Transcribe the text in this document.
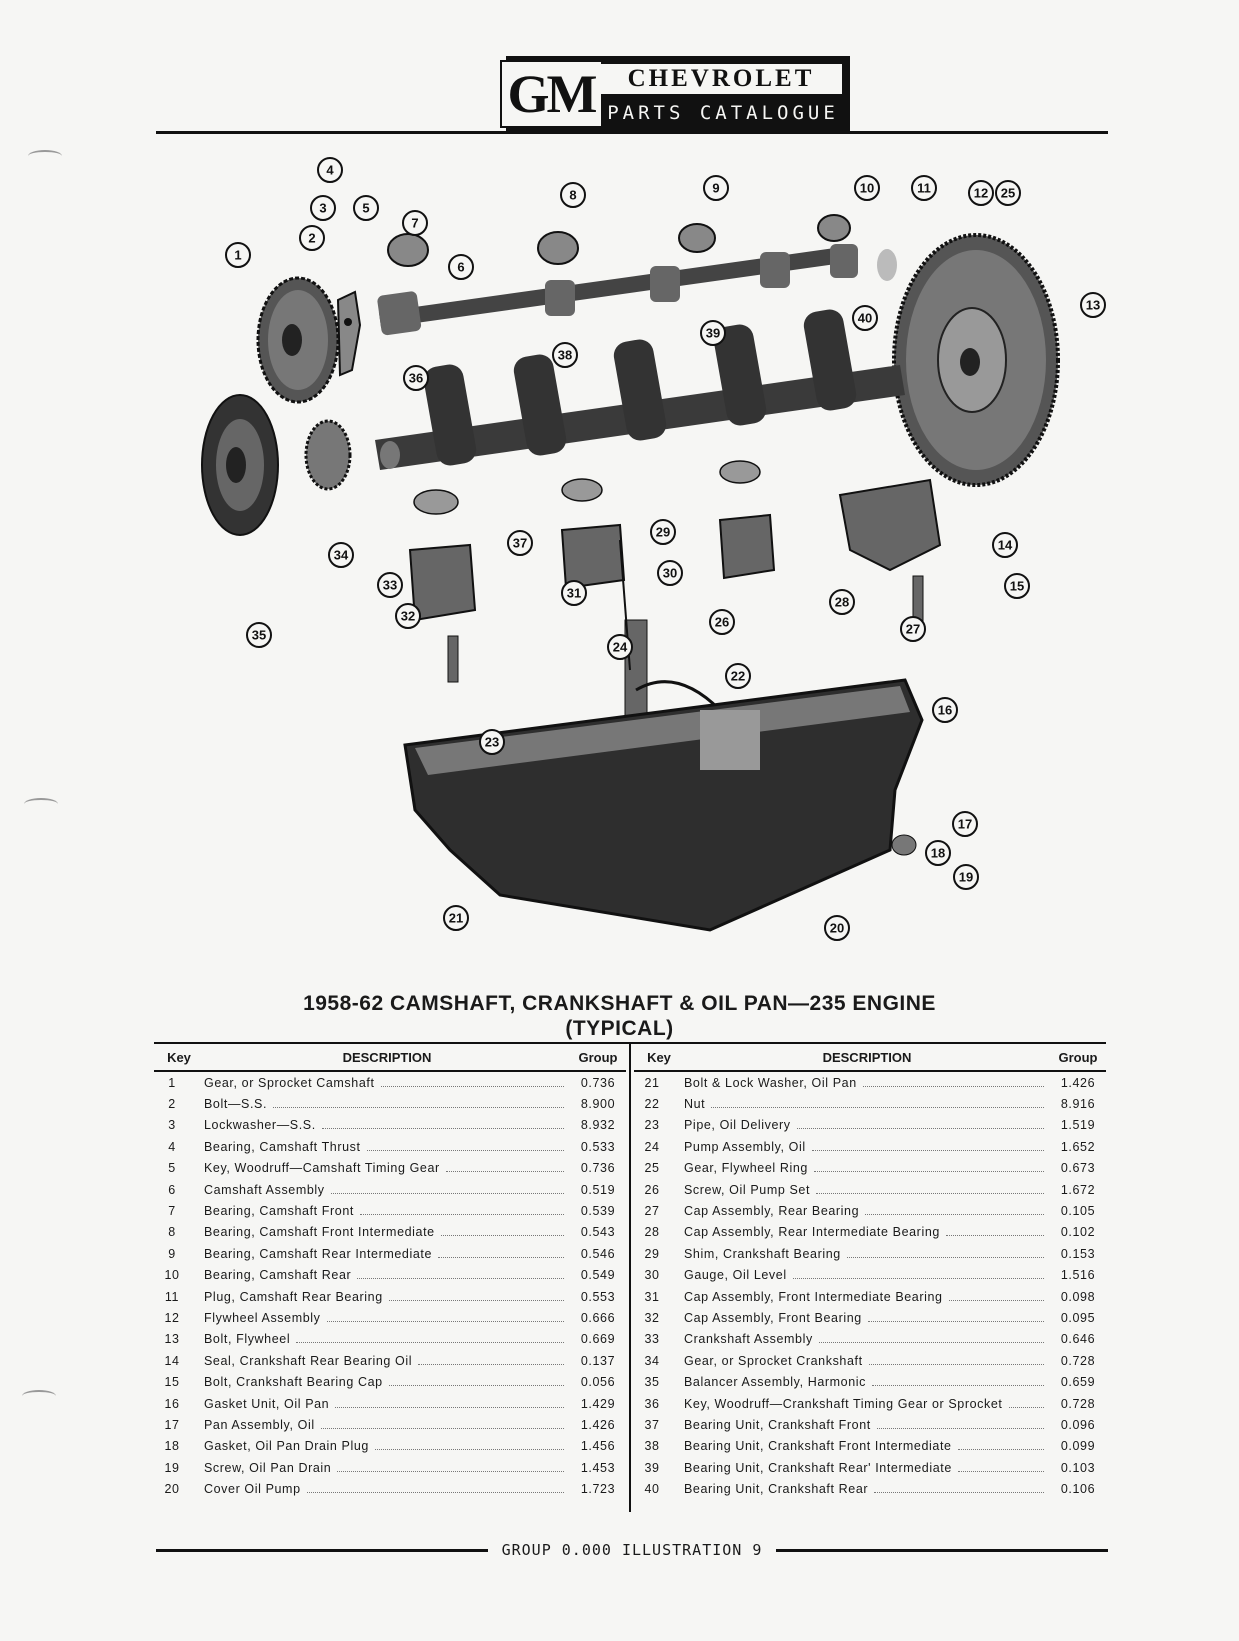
GM	CHEVROLET
PARTS CATALOGUE
1
2
3
4
5
6
7
8	9	10	11	12 25
13
40
39
38
36
37
33
34
35
29
30
31
32
28
27
14
15
26
24
22
16
23
17
18
19
20
21
1958-62 CAMSHAFT, CRANKSHAFT & OIL PAN—235 ENGINE
(TYPICAL)
Key	DESCRIPTION	Group
1	Gear, or Sprocket Camshaft	0.736
2	Bolt—S.S.	8.900
3	Lockwasher—S.S.	8.932
4	Bearing, Camshaft Thrust	0.533
5	Key, Woodruff—Camshaft Timing Gear	0.736
6	Camshaft Assembly	0.519
7	Bearing, Camshaft Front	0.539
8	Bearing, Camshaft Front Intermediate	0.543
9	Bearing, Camshaft Rear Intermediate	0.546
10	Bearing, Camshaft Rear	0.549
11	Plug, Camshaft Rear Bearing	0.553
12	Flywheel Assembly	0.666
13	Bolt, Flywheel	0.669
14	Seal, Crankshaft Rear Bearing Oil	0.137
15	Bolt, Crankshaft Bearing Cap	0.056
16	Gasket Unit, Oil Pan	1.429
17	Pan Assembly, Oil	1.426
18	Gasket, Oil Pan Drain Plug	1.456
19	Screw, Oil Pan Drain	1.453
20	Cover Oil Pump	1.723
Key	DESCRIPTION	Group
21	Bolt & Lock Washer, Oil Pan	1.426
22	Nut	8.916
23	Pipe, Oil Delivery	1.519
24	Pump Assembly, Oil	1.652
25	Gear, Flywheel Ring	0.673
26	Screw, Oil Pump Set	1.672
27	Cap Assembly, Rear Bearing	0.105
28	Cap Assembly, Rear Intermediate Bearing	0.102
29	Shim, Crankshaft Bearing	0.153
30	Gauge, Oil Level	1.516
31	Cap Assembly, Front Intermediate Bearing	0.098
32	Cap Assembly, Front Bearing	0.095
33	Crankshaft Assembly	0.646
34	Gear, or Sprocket Crankshaft	0.728
35	Balancer Assembly, Harmonic	0.659
36	Key, Woodruff—Crankshaft Timing Gear or Sprocket	0.728
37	Bearing Unit, Crankshaft Front	0.096
38	Bearing Unit, Crankshaft Front Intermediate	0.099
39	Bearing Unit, Crankshaft Rear' Intermediate	0.103
40	Bearing Unit, Crankshaft Rear	0.106
GROUP 0.000 ILLUSTRATION 9
